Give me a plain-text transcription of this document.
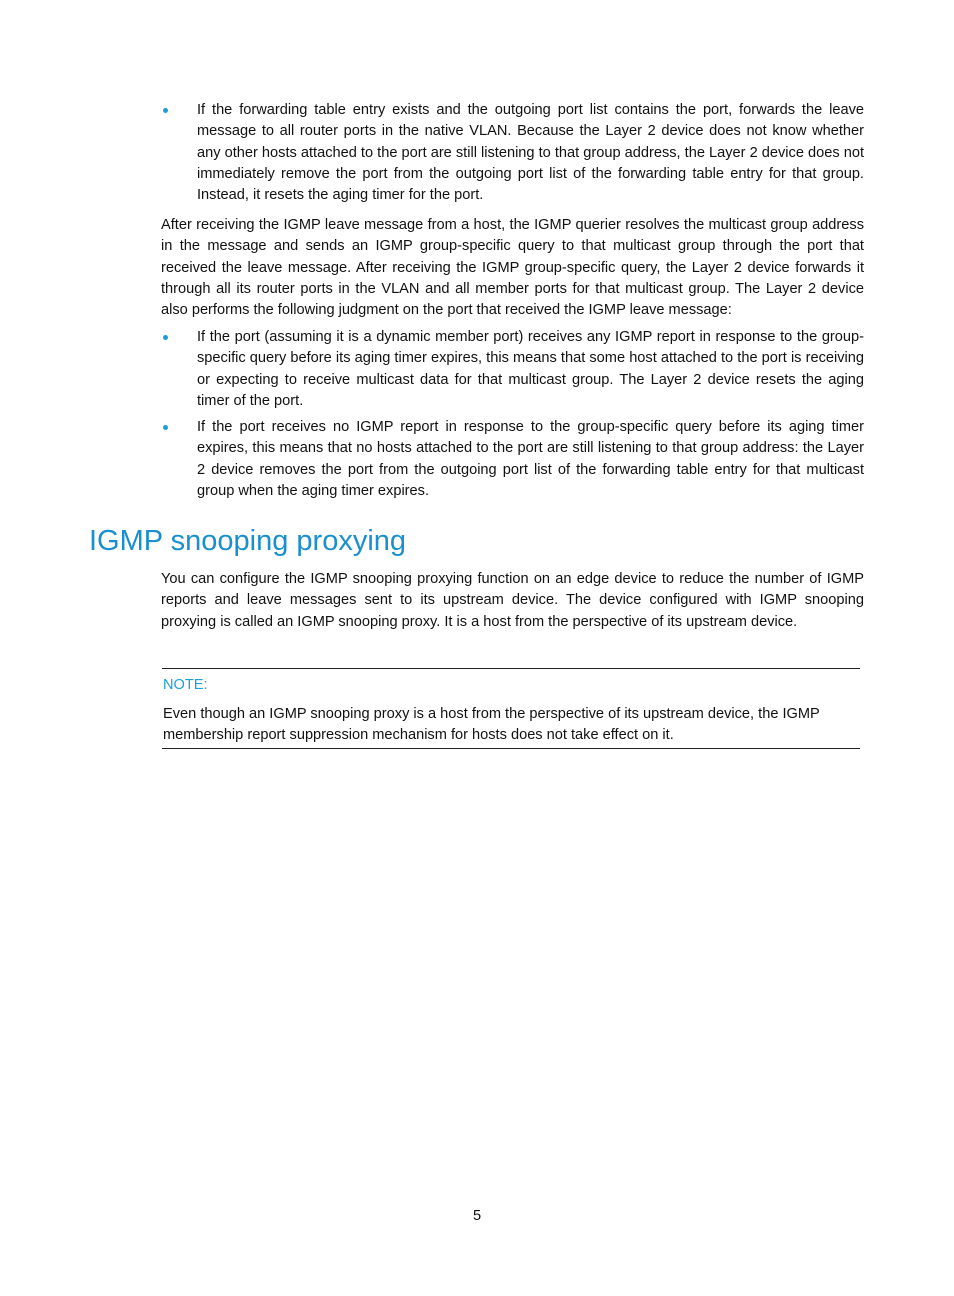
If the forwarding table entry exists and the outgoing port list contains the port, forwards the leave message to all router ports in the native VLAN. Because the Layer 2 device does not know whether any other hosts attached to the port are still listening to that group address, the Layer 2 device does not immediately remove the port from the outgoing port list of the forwarding table entry for that group. Instead, it resets the aging timer for the port.

After receiving the IGMP leave message from a host, the IGMP querier resolves the multicast group address in the message and sends an IGMP group-specific query to that multicast group through the port that received the leave message. After receiving the IGMP group-specific query, the Layer 2 device forwards it through all its router ports in the VLAN and all member ports for that multicast group. The Layer 2 device also performs the following judgment on the port that received the IGMP leave message:

If the port (assuming it is a dynamic member port) receives any IGMP report in response to the group-specific query before its aging timer expires, this means that some host attached to the port is receiving or expecting to receive multicast data for that multicast group. The Layer 2 device resets the aging timer of the port.
If the port receives no IGMP report in response to the group-specific query before its aging timer expires, this means that no hosts attached to the port are still listening to that group address: the Layer 2 device removes the port from the outgoing port list of the forwarding table entry for that multicast group when the aging timer expires.
IGMP snooping proxying

You can configure the IGMP snooping proxying function on an edge device to reduce the number of IGMP reports and leave messages sent to its upstream device. The device configured with IGMP snooping proxying is called an IGMP snooping proxy. It is a host from the perspective of its upstream device.

NOTE:

Even though an IGMP snooping proxy is a host from the perspective of its upstream device, the IGMP membership report suppression mechanism for hosts does not take effect on it.

5
